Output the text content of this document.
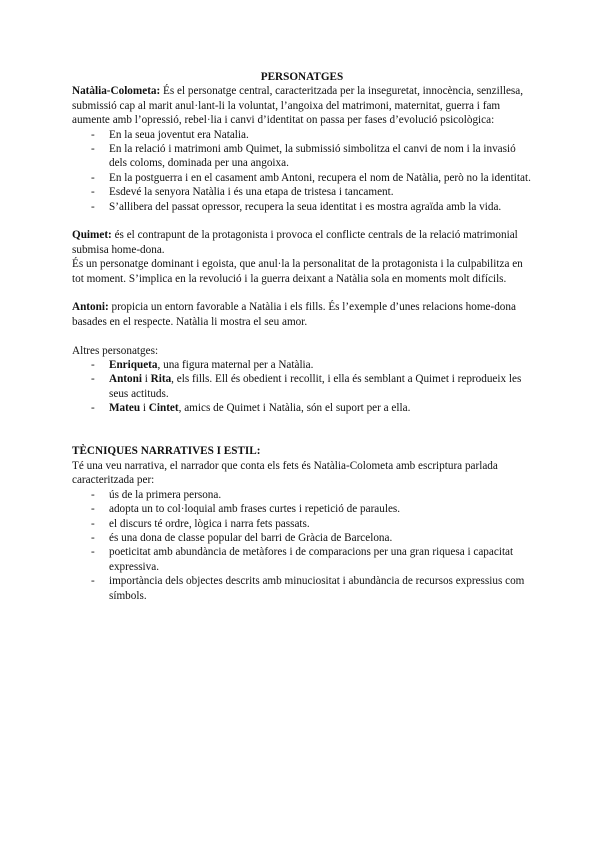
PERSONATGES

Natàlia-Colometa: És el personatge central, caracteritzada per la inseguretat, innocència, senzillesa, submissió cap al marit anul·lant-li la voluntat, l’angoixa del matrimoni, maternitat, guerra i fam aumente amb l’opressió, rebel·lia i canvi d’identitat on passa per fases d’evolució psicològica:

- En la seua joventut era Natalia.
- En la relació i matrimoni amb Quimet, la submissió simbolitza el canvi de nom i la invasió dels coloms, dominada per una angoixa.
- En la postguerra i en el casament amb Antoni, recupera el nom de Natàlia, però no la identitat.
- Esdevé la senyora Natàlia i és una etapa de tristesa i tancament.
- S’allibera del passat opressor, recupera la seua identitat i es mostra agraïda amb la vida.

Quimet: és el contrapunt de la protagonista i provoca el conflicte centrals de la relació matrimonial submisa home-dona.

És un personatge dominant i egoista, que anul·la la personalitat de la protagonista i la culpabilitza en tot moment. S’implica en la revolució i la guerra deixant a Natàlia sola en moments molt difícils.

Antoni: propicia un entorn favorable a Natàlia i els fills. És l’exemple d’unes relacions home-dona basades en el respecte. Natàlia li mostra el seu amor.

Altres personatges:

- Enriqueta, una figura maternal per a Natàlia.
- Antoni i Rita, els fills. Ell és obedient i recollit, i ella és semblant a Quimet i reprodueix les seus actituds.
- Mateu i Cintet, amics de Quimet i Natàlia, són el suport per a ella.

TÈCNIQUES NARRATIVES I ESTIL:

Té una veu narrativa, el narrador que conta els fets és Natàlia-Colometa amb escriptura parlada caracteritzada per:

- ús de la primera persona.
- adopta un to col·loquial amb frases curtes i repetició de paraules.
- el discurs té ordre, lògica i narra fets passats.
- és una dona de classe popular del barri de Gràcia de Barcelona.
- poeticitat amb abundància de metàfores i de comparacions per una gran riquesa i capacitat expressiva.
- importància dels objectes descrits amb minuciositat i abundància de recursos expressius com símbols.
